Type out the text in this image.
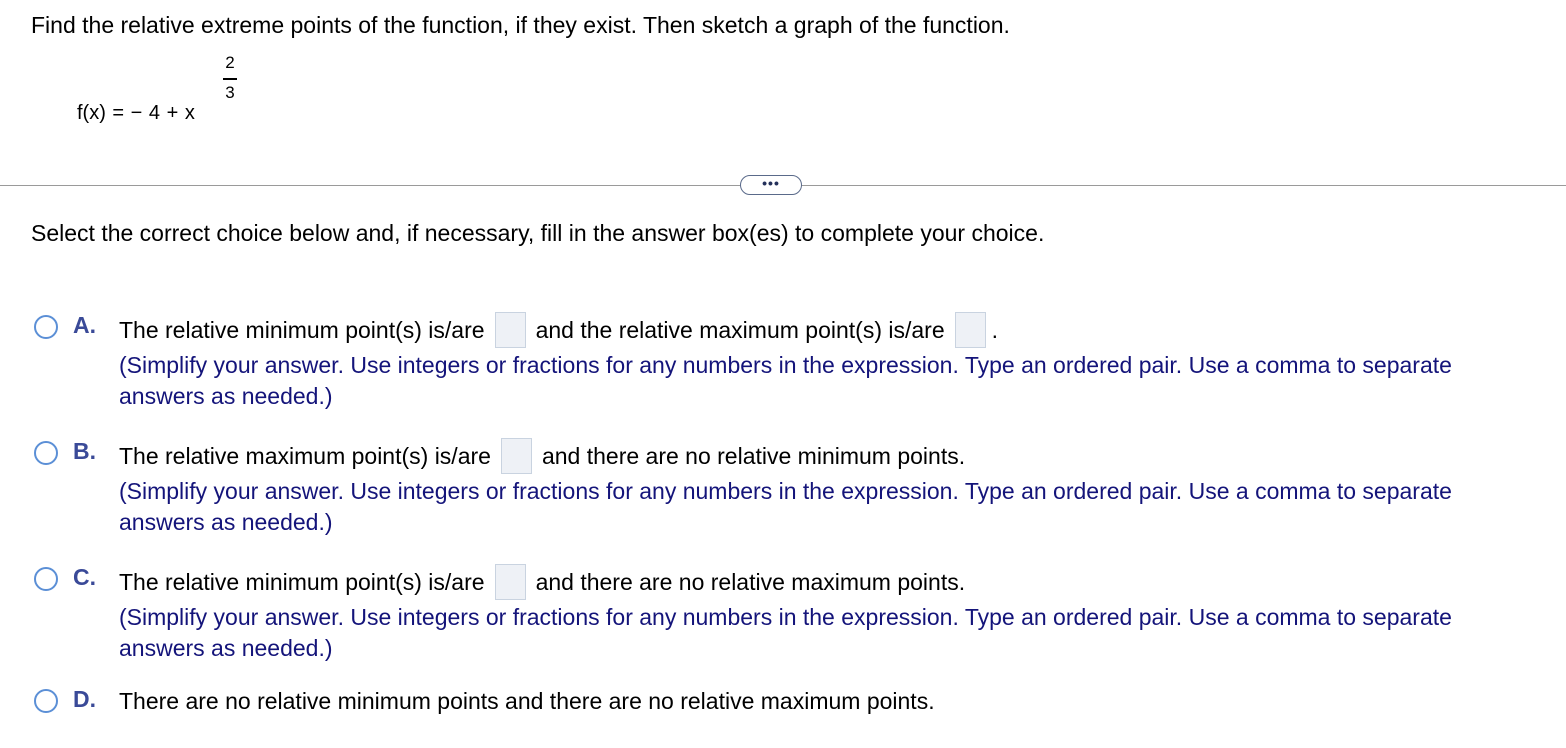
Find the relative extreme points of the function, if they exist. Then sketch a graph of the function.
f(x) = − 4 + x
2
3
•••
Select the correct choice below and, if necessary, fill in the answer box(es) to complete your choice.
A. The relative minimum point(s) is/are and the relative maximum point(s) is/are .
(Simplify your answer. Use integers or fractions for any numbers in the expression. Type an ordered pair. Use a comma to separate answers as needed.)
B. The relative maximum point(s) is/are and there are no relative minimum points.
(Simplify your answer. Use integers or fractions for any numbers in the expression. Type an ordered pair. Use a comma to separate answers as needed.)
C. The relative minimum point(s) is/are and there are no relative maximum points.
(Simplify your answer. Use integers or fractions for any numbers in the expression. Type an ordered pair. Use a comma to separate answers as needed.)
D. There are no relative minimum points and there are no relative maximum points.
